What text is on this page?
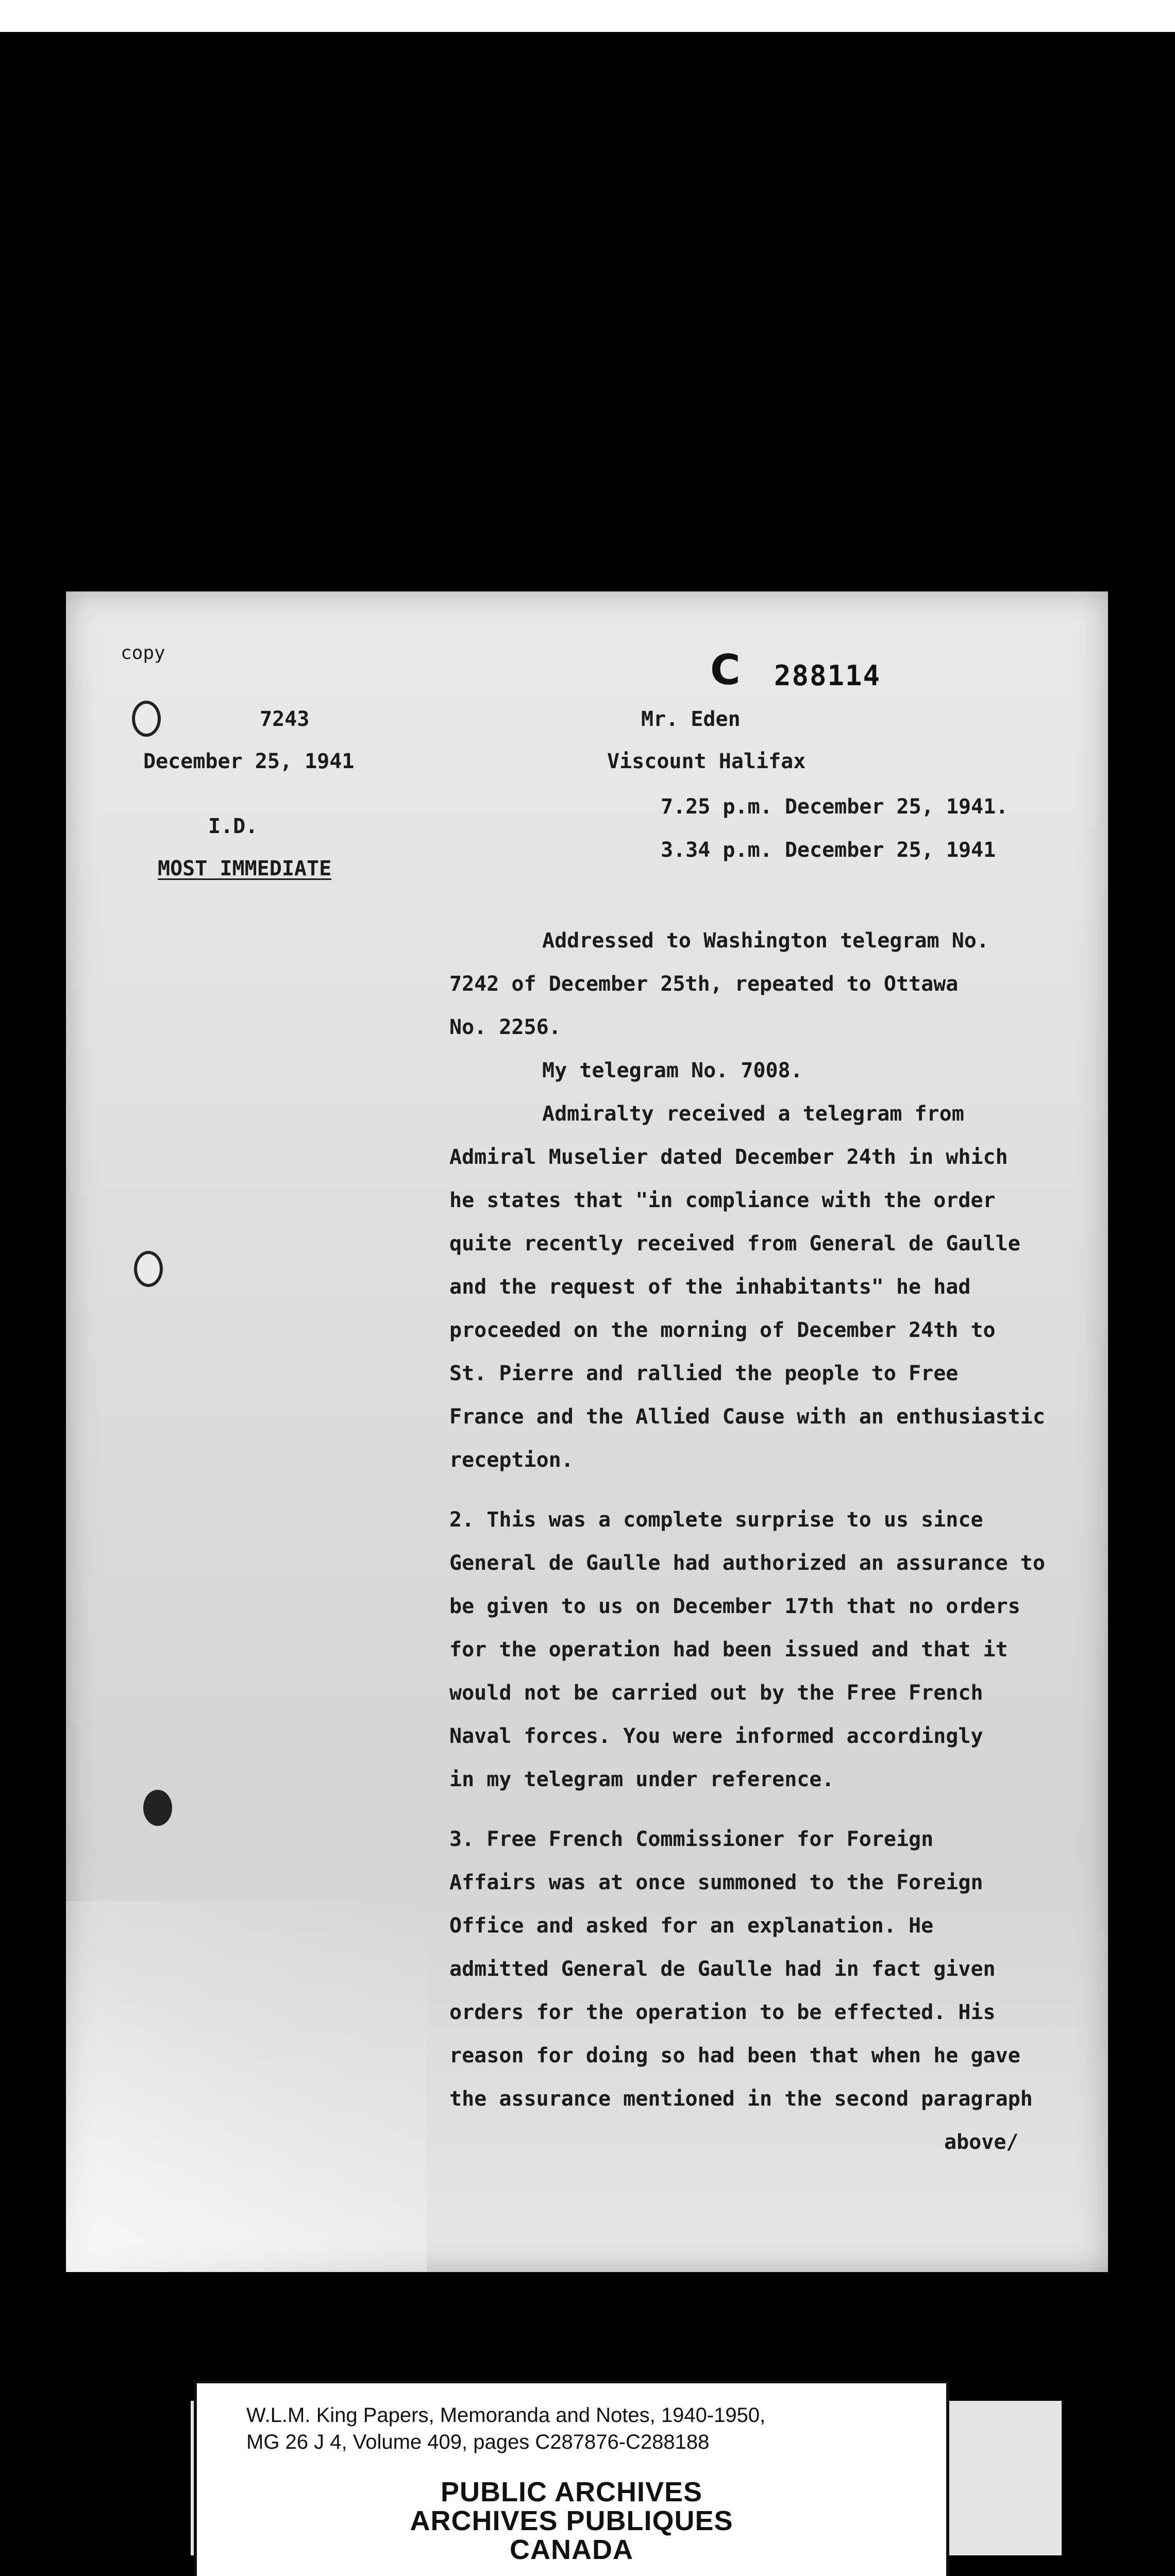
copy
7243
December 25, 1941
I.D.
MOST IMMEDIATE
C 288114
Mr. Eden
Viscount Halifax
7.25 p.m. December 25, 1941.
3.34 p.m. December 25, 1941
Addressed to Washington telegram No.
7242 of December 25th, repeated to Ottawa
No. 2256.
My telegram No. 7008.
Admiralty received a telegram from
Admiral Muselier dated December 24th in which
he states that "in compliance with the order
quite recently received from General de Gaulle
and the request of the inhabitants" he had
proceeded on the morning of December 24th to
St. Pierre and rallied the people to Free
France and the Allied Cause with an enthusiastic
reception.
2. This was a complete surprise to us since
General de Gaulle had authorized an assurance to
be given to us on December 17th that no orders
for the operation had been issued and that it
would not be carried out by the Free French
Naval forces. You were informed accordingly
in my telegram under reference.
3. Free French Commissioner for Foreign
Affairs was at once summoned to the Foreign
Office and asked for an explanation. He
admitted General de Gaulle had in fact given
orders for the operation to be effected. His
reason for doing so had been that when he gave
the assurance mentioned in the second paragraph
above/
W.L.M. King Papers, Memoranda and Notes, 1940-1950,
MG 26 J 4, Volume 409, pages C287876-C288188
PUBLIC ARCHIVES
ARCHIVES PUBLIQUES
CANADA
